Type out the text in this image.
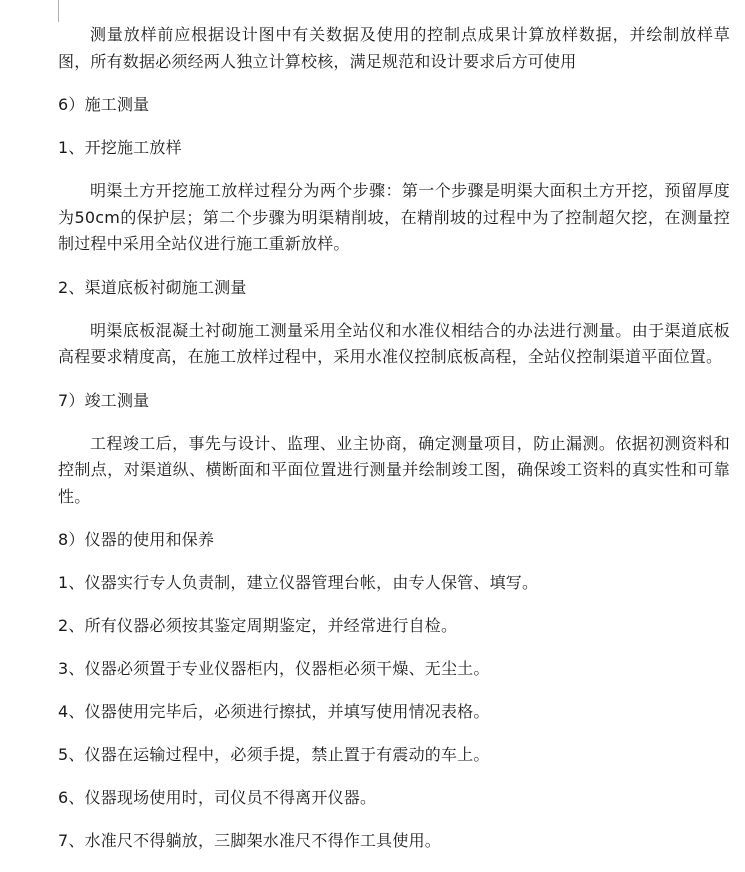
测量放样前应根据设计图中有关数据及使用的控制点成果计算放样数据，并绘制放样草图，所有数据必须经两人独立计算校核，满足规范和设计要求后方可使用

6）施工测量

1、开挖施工放样

明渠土方开挖施工放样过程分为两个步骤：第一个步骤是明渠大面积土方开挖，预留厚度为50cm的保护层；第二个步骤为明渠精削坡，在精削坡的过程中为了控制超欠挖，在测量控制过程中采用全站仪进行施工重新放样。

2、渠道底板衬砌施工测量

明渠底板混凝土衬砌施工测量采用全站仪和水准仪相结合的办法进行测量。由于渠道底板高程要求精度高，在施工放样过程中，采用水准仪控制底板高程，全站仪控制渠道平面位置。

7）竣工测量

工程竣工后，事先与设计、监理、业主协商，确定测量项目，防止漏测。依据初测资料和控制点，对渠道纵、横断面和平面位置进行测量并绘制竣工图，确保竣工资料的真实性和可靠性。

8）仪器的使用和保养

1、仪器实行专人负责制，建立仪器管理台帐，由专人保管、填写。

2、所有仪器必须按其鉴定周期鉴定，并经常进行自检。

3、仪器必须置于专业仪器柜内，仪器柜必须干燥、无尘土。

4、仪器使用完毕后，必须进行擦拭，并填写使用情况表格。

5、仪器在运输过程中，必须手提，禁止置于有震动的车上。

6、仪器现场使用时，司仪员不得离开仪器。

7、水准尺不得躺放，三脚架水准尺不得作工具使用。
